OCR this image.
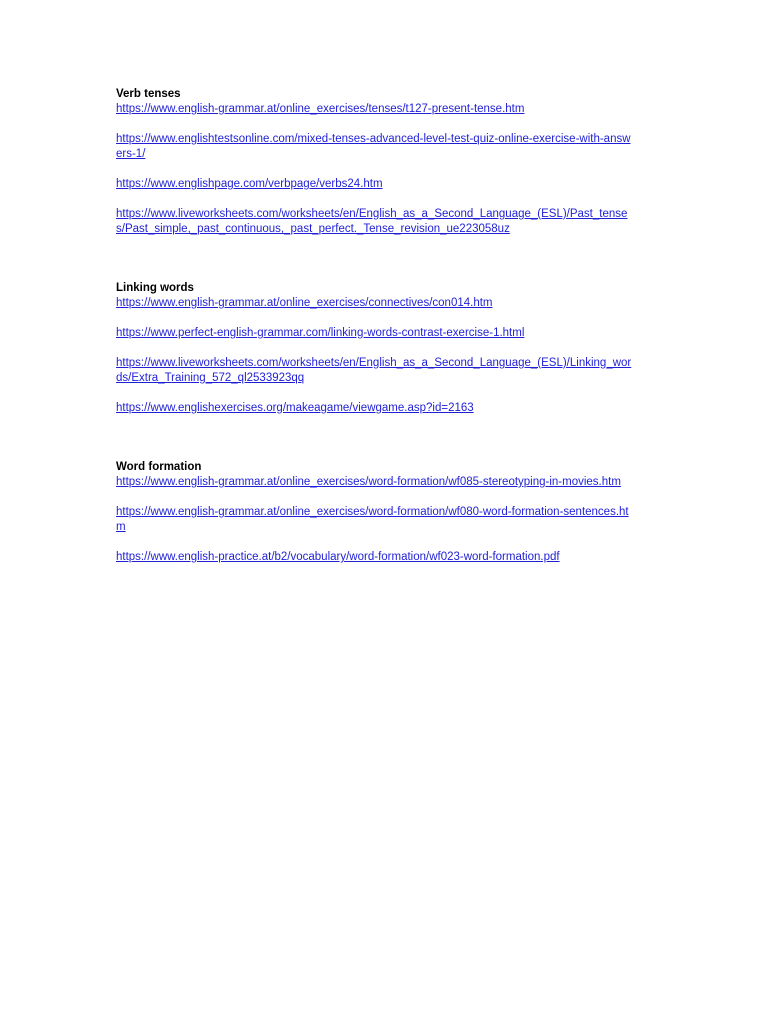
Verb tenses

https://www.english-grammar.at/online_exercises/tenses/t127-present-tense.htm
https://www.englishtestsonline.com/mixed-tenses-advanced-level-test-quiz-online-exercise-with-answers-1/
https://www.englishpage.com/verbpage/verbs24.htm
https://www.liveworksheets.com/worksheets/en/English_as_a_Second_Language_(ESL)/Past_tenses/Past_simple,_past_continuous,_past_perfect._Tense_revision_ue223058uz

Linking words

https://www.english-grammar.at/online_exercises/connectives/con014.htm
https://www.perfect-english-grammar.com/linking-words-contrast-exercise-1.html
https://www.liveworksheets.com/worksheets/en/English_as_a_Second_Language_(ESL)/Linking_words/Extra_Training_572_ql2533923qq
https://www.englishexercises.org/makeagame/viewgame.asp?id=2163

Word formation

https://www.english-grammar.at/online_exercises/word-formation/wf085-stereotyping-in-movies.htm
https://www.english-grammar.at/online_exercises/word-formation/wf080-word-formation-sentences.htm
https://www.english-practice.at/b2/vocabulary/word-formation/wf023-word-formation.pdf
